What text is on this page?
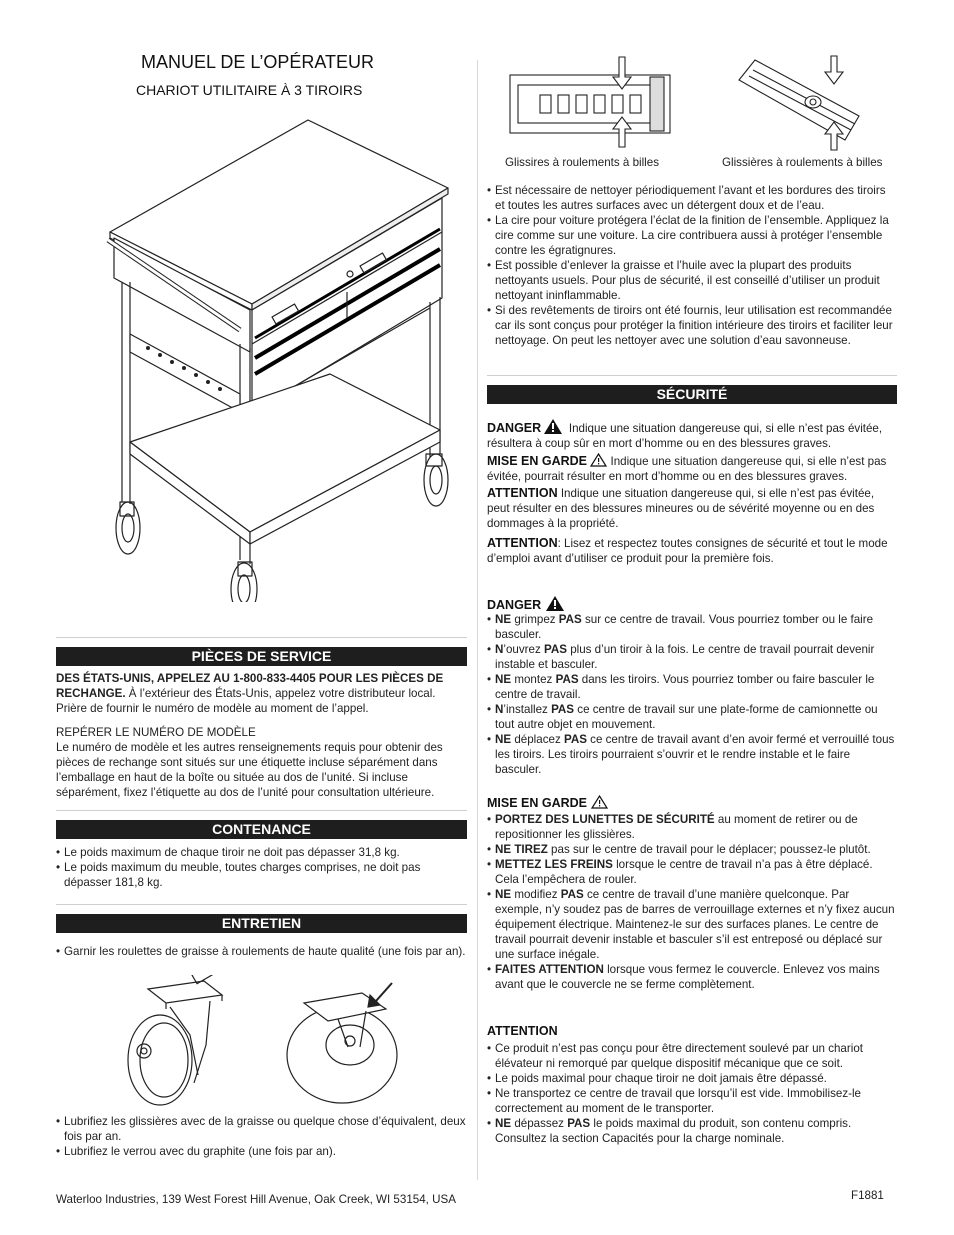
MANUEL DE L’OPÉRATEUR
CHARIOT UTILITAIRE À 3 TIROIRS
PIÈCES DE SERVICE

DES ÉTATS-UNIS, APPELEZ AU 1-800-833-4405 POUR LES PIÈCES DE RECHANGE. À l’extérieur des États-Unis, appelez votre distributeur local. Prière de fournir le numéro de modèle au moment de l’appel.

REPÉRER LE NUMÉRO DE MODÈLE

Le numéro de modèle et les autres renseignements requis pour obtenir des pièces de rechange sont situés sur une étiquette incluse séparément dans l’emballage en haut de la boîte ou située au dos de l’unité. Si incluse séparément, fixez l’étiquette au dos de l’unité pour consultation ultérieure.

CONTENANCE
• Le poids maximum de chaque tiroir ne doit pas dépasser 31,8 kg.
• Le poids maximum du meuble, toutes charges comprises, ne doit pas dépasser 181,8 kg.
ENTRETIEN
• Garnir les roulettes de graisse à roulements de haute qualité (une fois par an).
• Lubrifiez les glissières avec de la graisse ou quelque chose d’équivalent, deux fois par an.
• Lubrifiez le verrou avec du graphite (une fois par an).
Glissires à roulements à billes	Glissières à roulements à billes
• Est nécessaire de nettoyer périodiquement l’avant et les bordures des tiroirs et toutes les autres surfaces avec un détergent doux et de l’eau.
• La cire pour voiture protégera l’éclat de la finition de l’ensemble. Appliquez la cire comme sur une voiture. La cire contribuera aussi à protéger l’ensemble contre les égratignures.
• Est possible d’enlever la graisse et l’huile avec la plupart des produits nettoyants usuels. Pour plus de sécurité, il est conseillé d’utiliser un produit nettoyant ininflammable.
• Si des revêtements de tiroirs ont été fournis, leur utilisation est recommandée car ils sont conçus pour protéger la finition intérieure des tiroirs et faciliter leur nettoyage. On peut les nettoyer avec une solution d’eau savonneuse.
SÉCURITÉ

DANGER Indique une situation dangereuse qui, si elle n’est pas évitée, résultera à coup sûr en mort d’homme ou en des blessures graves.

MISE EN GARDE Indique une situation dangereuse qui, si elle n’est pas évitée, pourrait résulter en mort d’homme ou en des blessures graves.

ATTENTION Indique une situation dangereuse qui, si elle n’est pas évitée, peut résulter en des blessures mineures ou de sévérité moyenne ou en des dommages à la propriété.

ATTENTION: Lisez et respectez toutes consignes de sécurité et tout le mode d’emploi avant d’utiliser ce produit pour la première fois.

DANGER
• NE grimpez PAS sur ce centre de travail. Vous pourriez tomber ou le faire basculer.
• N’ouvrez PAS plus d’un tiroir à la fois. Le centre de travail pourrait devenir instable et basculer.
• NE montez PAS dans les tiroirs. Vous pourriez tomber ou faire basculer le centre de travail.
• N’installez PAS ce centre de travail sur une plate-forme de camionnette ou tout autre objet en mouvement.
• NE déplacez PAS ce centre de travail avant d’en avoir fermé et verrouillé tous les tiroirs. Les tiroirs pourraient s’ouvrir et le rendre instable et le faire basculer.
MISE EN GARDE
• PORTEZ DES LUNETTES DE SÉCURITÉ au moment de retirer ou de repositionner les glissières.
• NE TIREZ pas sur le centre de travail pour le déplacer; poussez-le plutôt.
• METTEZ LES FREINS lorsque le centre de travail n’a pas à être déplacé. Cela l’empêchera de rouler.
• NE modifiez PAS ce centre de travail d’une manière quelconque. Par exemple, n’y soudez pas de barres de verrouillage externes et n’y fixez aucun équipement électrique. Maintenez-le sur des surfaces planes. Le centre de travail pourrait devenir instable et basculer s’il est entreposé ou déplacé sur une surface inégale.
• FAITES ATTENTION lorsque vous fermez le couvercle. Enlevez vos mains avant que le couvercle ne se ferme complètement.
ATTENTION
• Ce produit n’est pas conçu pour être directement soulevé par un chariot élévateur ni remorqué par quelque dispositif mécanique que ce soit.
• Le poids maximal pour chaque tiroir ne doit jamais être dépassé.
• Ne transportez ce centre de travail que lorsqu’il est vide. Immobilisez-le correctement au moment de le transporter.
• NE dépassez PAS le poids maximal du produit, son contenu compris. Consultez la section Capacités pour la charge nominale.
Waterloo Industries, 139 West Forest Hill Avenue, Oak Creek, WI 53154, USA	F1881
